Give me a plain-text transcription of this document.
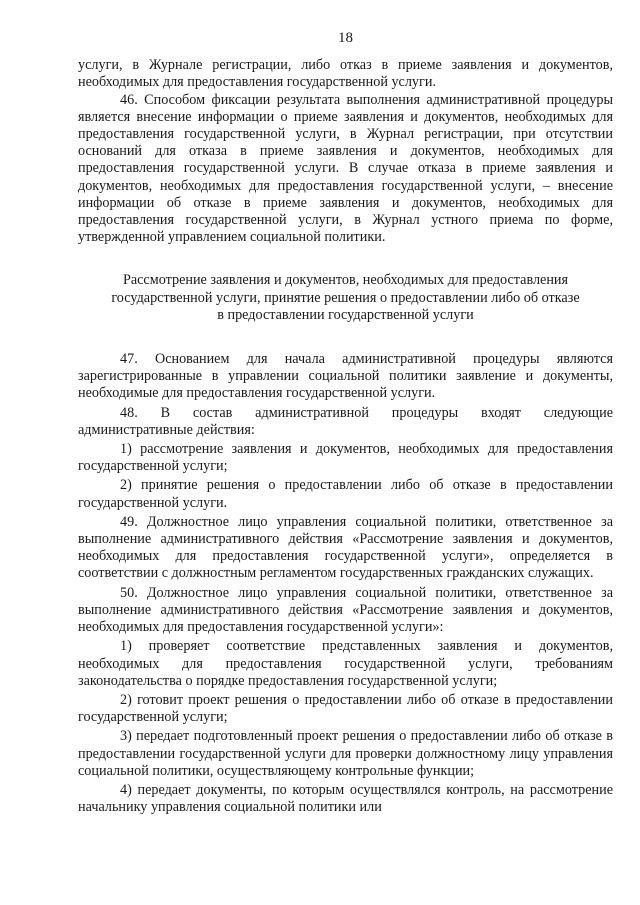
18

услуги, в Журнале регистрации, либо отказ в приеме заявления и документов, необходимых для предоставления государственной услуги.

46. Способом фиксации результата выполнения административной процедуры является внесение информации о приеме заявления и документов, необходимых для предоставления государственной услуги, в Журнал регистрации, при отсутствии оснований для отказа в приеме заявления и документов, необходимых для предоставления государственной услуги. В случае отказа в приеме заявления и документов, необходимых для предоставления государственной услуги, – внесение информации об отказе в приеме заявления и документов, необходимых для предоставления государственной услуги, в Журнал устного приема по форме, утвержденной управлением социальной политики.

Рассмотрение заявления и документов, необходимых для предоставления
государственной услуги, принятие решения о предоставлении либо об отказе
в предоставлении государственной услуги

47. Основанием для начала административной процедуры являются зарегистрированные в управлении социальной политики заявление и документы, необходимые для предоставления государственной услуги.

48. В состав административной процедуры входят следующие административные действия:

1) рассмотрение заявления и документов, необходимых для предоставления государственной услуги;

2) принятие решения о предоставлении либо об отказе в предоставлении государственной услуги.

49. Должностное лицо управления социальной политики, ответственное за выполнение административного действия «Рассмотрение заявления и документов, необходимых для предоставления государственной услуги», определяется в соответствии с должностным регламентом государственных гражданских служащих.

50. Должностное лицо управления социальной политики, ответственное за выполнение административного действия «Рассмотрение заявления и документов, необходимых для предоставления государственной услуги»:

1) проверяет соответствие представленных заявления и документов, необходимых для предоставления государственной услуги, требованиям законодательства о порядке предоставления государственной услуги;

2) готовит проект решения о предоставлении либо об отказе в предоставлении государственной услуги;

3) передает подготовленный проект решения о предоставлении либо об отказе в предоставлении государственной услуги для проверки должностному лицу управления социальной политики, осуществляющему контрольные функции;

4) передает документы, по которым осуществлялся контроль, на рассмотрение начальнику управления социальной политики или
